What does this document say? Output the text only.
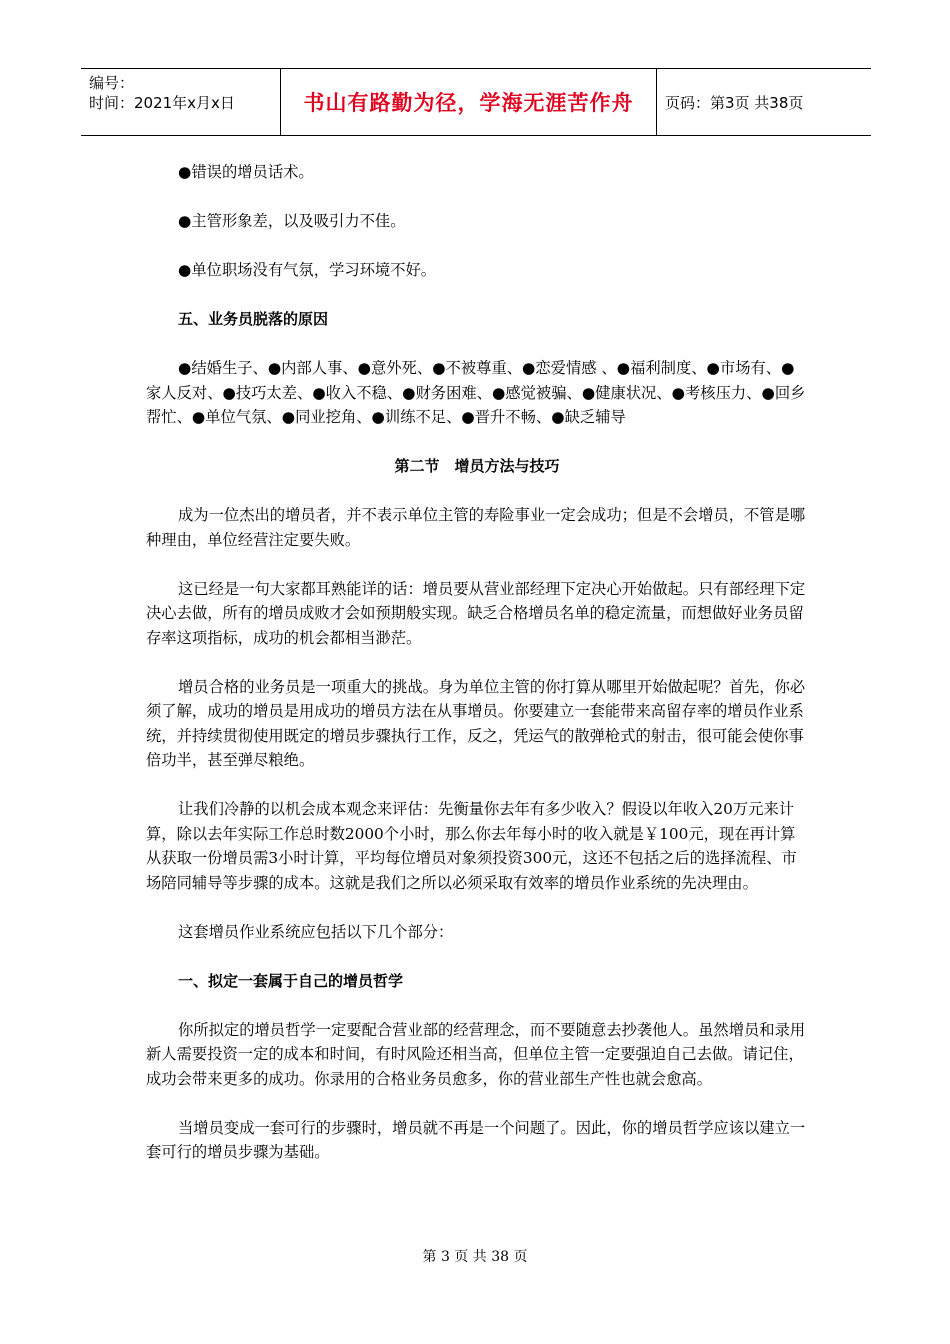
编号：
时间：2021年x月x日	书山有路勤为径，学海无涯苦作舟	页码：第3页 共38页

●错误的增员话术。

●主管形象差，以及吸引力不佳。

●单位职场没有气氛，学习环境不好。

五、业务员脱落的原因

●结婚生子、●内部人事、●意外死、●不被尊重、●恋爱情感 、●福利制度、●市场有、●家人反对、●技巧太差、●收入不稳、●财务困难、●感觉被骗、●健康状况、●考核压力、●回乡帮忙、●单位气氛、●同业挖角、●训练不足、●晋升不畅、●缺乏辅导

第二节　增员方法与技巧

成为一位杰出的增员者，并不表示单位主管的寿险事业一定会成功；但是不会增员，不管是哪种理由，单位经营注定要失败。

这已经是一句大家都耳熟能详的话：增员要从营业部经理下定决心开始做起。只有部经理下定决心去做，所有的增员成败才会如预期般实现。缺乏合格增员名单的稳定流量，而想做好业务员留存率这项指标，成功的机会都相当渺茫。

增员合格的业务员是一项重大的挑战。身为单位主管的你打算从哪里开始做起呢？首先，你必须了解，成功的增员是用成功的增员方法在从事增员。你要建立一套能带来高留存率的增员作业系统，并持续贯彻使用既定的增员步骤执行工作，反之，凭运气的散弹枪式的射击，很可能会使你事倍功半，甚至弹尽粮绝。

让我们冷静的以机会成本观念来评估：先衡量你去年有多少收入？假设以年收入20万元来计算，除以去年实际工作总时数2000个小时，那么你去年每小时的收入就是￥100元，现在再计算从获取一份增员需3小时计算，平均每位增员对象须投资300元，这还不包括之后的选择流程、市场陪同辅导等步骤的成本。这就是我们之所以必须采取有效率的增员作业系统的先决理由。

这套增员作业系统应包括以下几个部分：

一、拟定一套属于自己的增员哲学

你所拟定的增员哲学一定要配合营业部的经营理念，而不要随意去抄袭他人。虽然增员和录用新人需要投资一定的成本和时间，有时风险还相当高，但单位主管一定要强迫自己去做。请记住，成功会带来更多的成功。你录用的合格业务员愈多，你的营业部生产性也就会愈高。

当增员变成一套可行的步骤时，增员就不再是一个问题了。因此，你的增员哲学应该以建立一套可行的增员步骤为基础。

第 3 页 共 38 页
